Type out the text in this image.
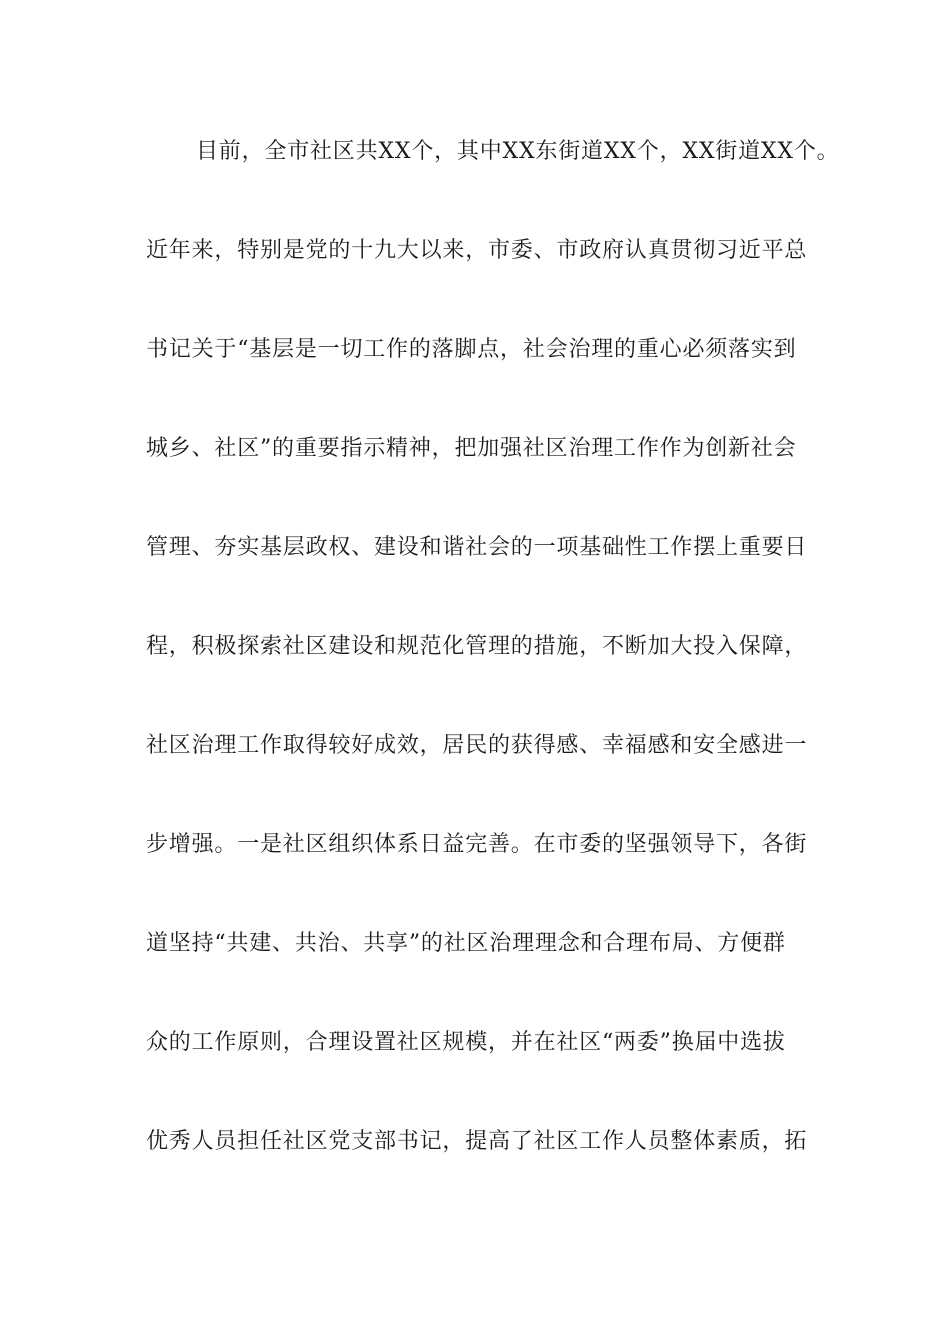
目前，全市社区共XX个，其中XX东街道XX个，XX街道XX个。
近年来，特别是党的十九大以来，市委、市政府认真贯彻习近平总
书记关于“基层是一切工作的落脚点，社会治理的重心必须落实到
城乡、社区”的重要指示精神，把加强社区治理工作作为创新社会
管理、夯实基层政权、建设和谐社会的一项基础性工作摆上重要日
程，积极探索社区建设和规范化管理的措施，不断加大投入保障，
社区治理工作取得较好成效，居民的获得感、幸福感和安全感进一
步增强。一是社区组织体系日益完善。在市委的坚强领导下，各街
道坚持“共建、共治、共享”的社区治理理念和合理布局、方便群
众的工作原则，合理设置社区规模，并在社区“两委”换届中选拔
优秀人员担任社区党支部书记，提高了社区工作人员整体素质，拓
